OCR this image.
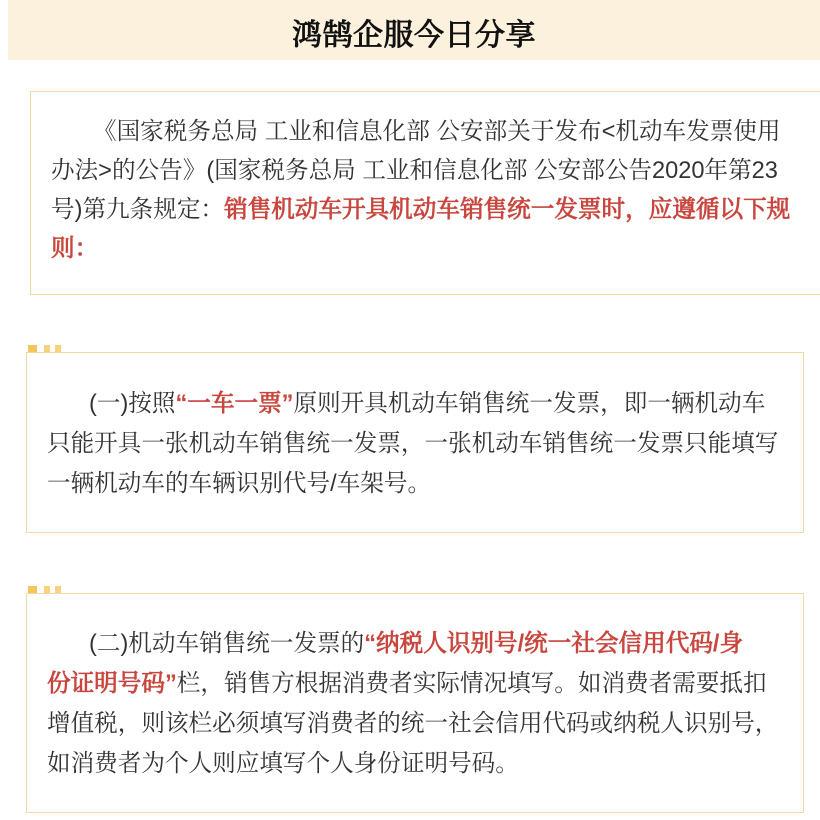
鸿鹄企服今日分享
《国家税务总局 工业和信息化部 公安部关于发布<机动车发票使用
办法>的公告》(国家税务总局 工业和信息化部 公安部公告2020年第23
号)第九条规定：销售机动车开具机动车销售统一发票时，应遵循以下规
则：
(一)按照“一车一票”原则开具机动车销售统一发票，即一辆机动车
只能开具一张机动车销售统一发票，一张机动车销售统一发票只能填写
一辆机动车的车辆识别代号/车架号。
(二)机动车销售统一发票的“纳税人识别号/统一社会信用代码/身
份证明号码”栏，销售方根据消费者实际情况填写。如消费者需要抵扣
增值税，则该栏必须填写消费者的统一社会信用代码或纳税人识别号，
如消费者为个人则应填写个人身份证明号码。
